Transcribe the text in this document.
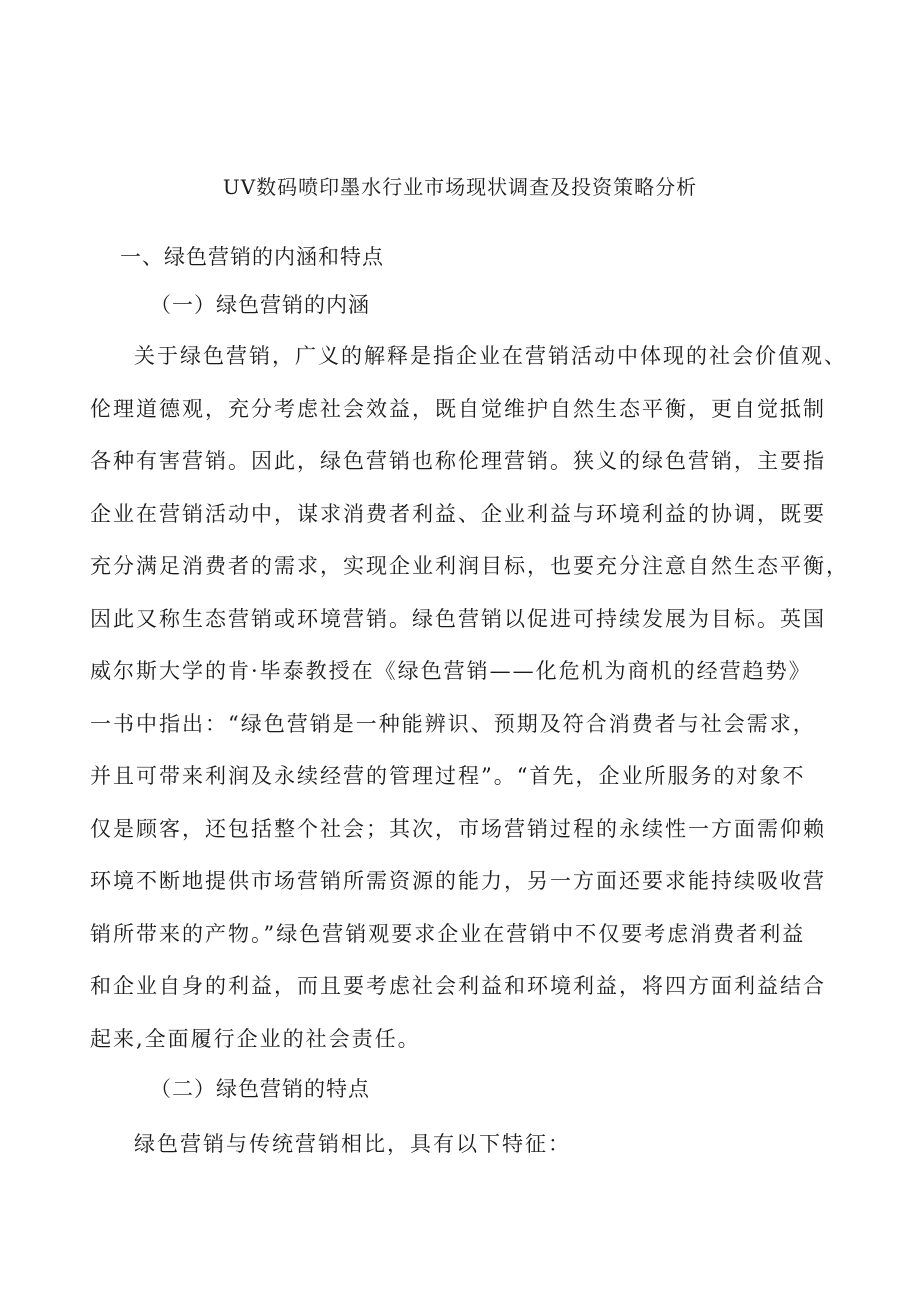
UV数码喷印墨水行业市场现状调查及投资策略分析
一、绿色营销的内涵和特点
（一）绿色营销的内涵
关于绿色营销，广义的解释是指企业在营销活动中体现的社会价值观、
伦理道德观，充分考虑社会效益，既自觉维护自然生态平衡，更自觉抵制
各种有害营销。因此，绿色营销也称伦理营销。狭义的绿色营销，主要指
企业在营销活动中，谋求消费者利益、企业利益与环境利益的协调，既要
充分满足消费者的需求，实现企业利润目标，也要充分注意自然生态平衡，
因此又称生态营销或环境营销。绿色营销以促进可持续发展为目标。英国
威尔斯大学的肯·毕泰教授在《绿色营销——化危机为商机的经营趋势》
一书中指出：“绿色营销是一种能辨识、预期及符合消费者与社会需求，
并且可带来利润及永续经营的管理过程”。“首先，企业所服务的对象不
仅是顾客，还包括整个社会；其次，市场营销过程的永续性一方面需仰赖
环境不断地提供市场营销所需资源的能力，另一方面还要求能持续吸收营
销所带来的产物。”绿色营销观要求企业在营销中不仅要考虑消费者利益
和企业自身的利益，而且要考虑社会利益和环境利益，将四方面利益结合
起来,全面履行企业的社会责任。
（二）绿色营销的特点

绿色营销与传统营销相比，具有以下特征：
